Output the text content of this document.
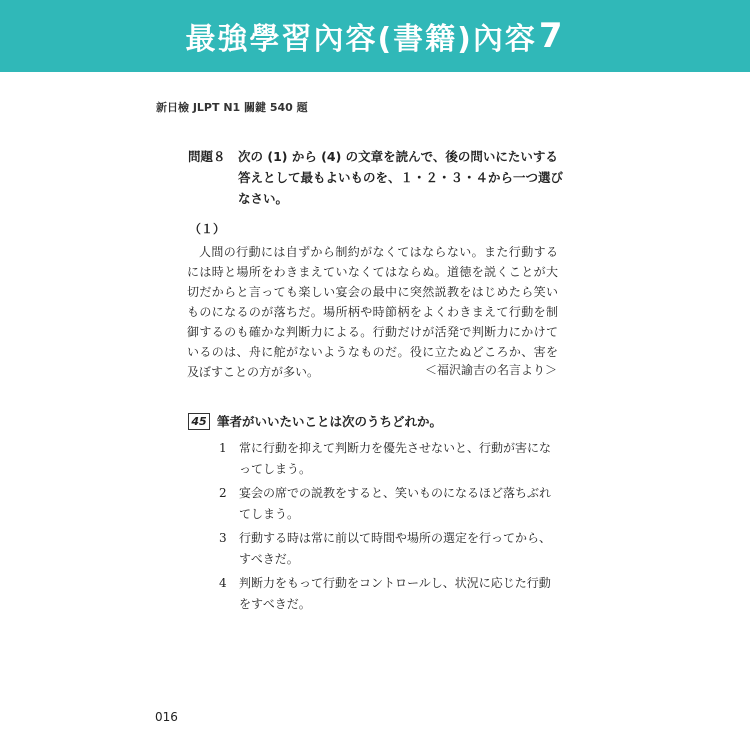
最強學習內容(書籍)內容 7
新日檢 JLPT N1 關鍵 540 題
問題８ 次の (1) から (4) の文章を読んで、後の問いにたいする答えとして最もよいものを、１・２・３・４から一つ選びなさい。
（１）
人間の行動には自ずから制約がなくてはならない。また行動するには時と場所をわきまえていなくてはならぬ。道徳を説くことが大切だからと言っても楽しい宴会の最中に突然説教をはじめたら笑いものになるのが落ちだ。場所柄や時節柄をよくわきまえて行動を制御するのも確かな判断力による。行動だけが活発で判断力にかけているのは、舟に舵がないようなものだ。役に立たぬどころか、害を及ぼすことの方が多い。	＜福沢諭吉の名言より＞
45 筆者がいいたいことは次のうちどれか。
1 常に行動を抑えて判断力を優先させないと、行動が害になってしまう。
2 宴会の席での説教をすると、笑いものになるほど落ちぶれてしまう。
3 行動する時は常に前以て時間や場所の選定を行ってから、すべきだ。
4 判断力をもって行動をコントロールし、状況に応じた行動をすべきだ。
016
